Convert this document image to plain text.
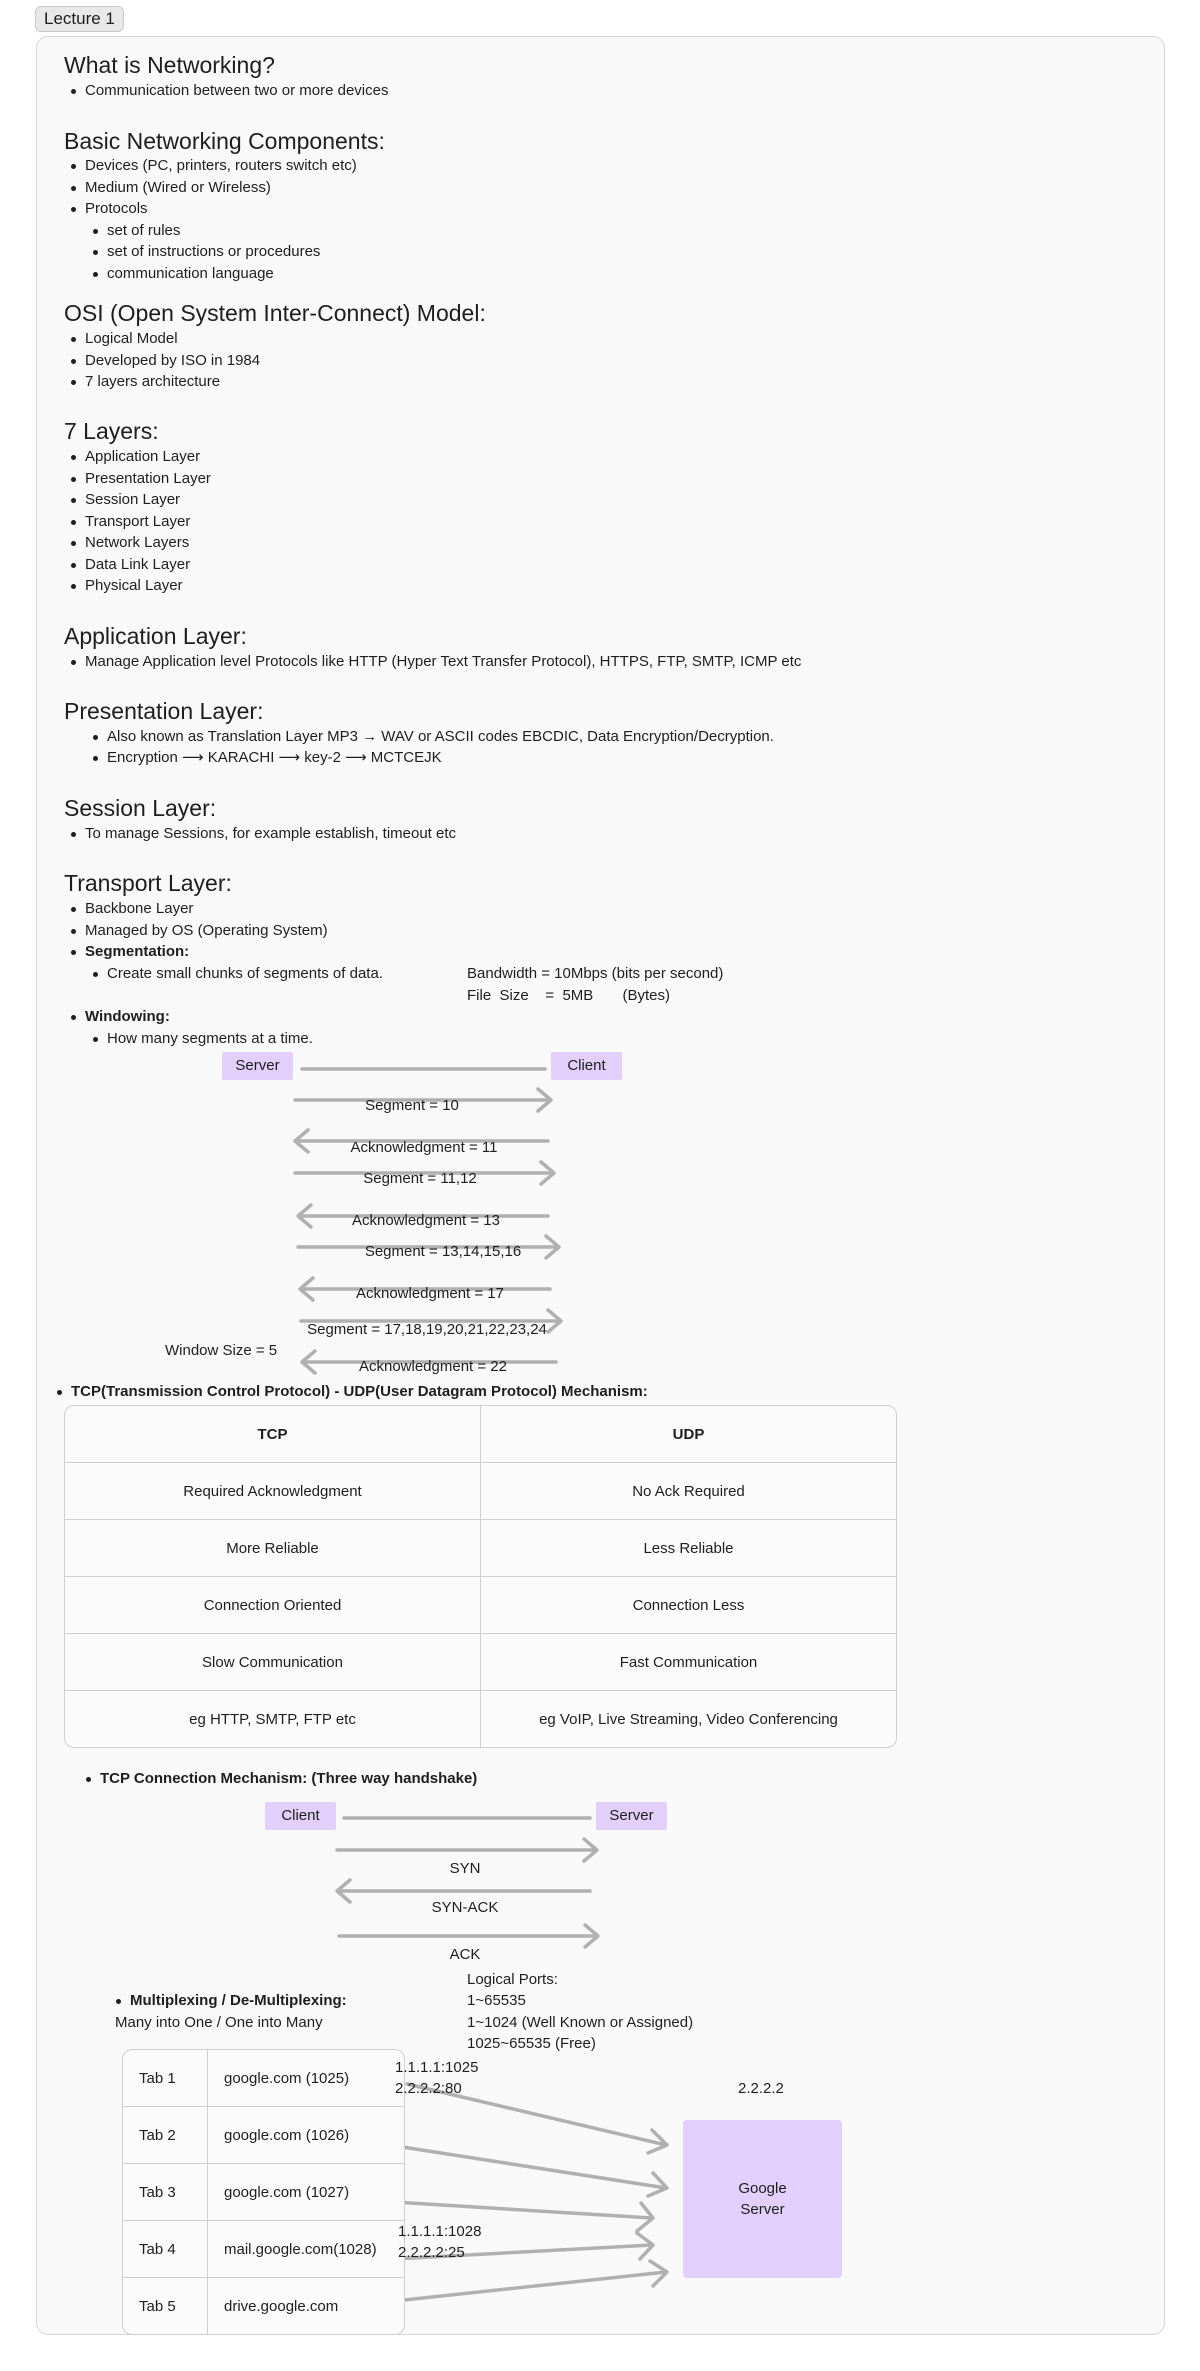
Lecture 1
What is Networking?
Communication between two or more devices
Basic Networking Components:
Devices (PC, printers, routers switch etc)
Medium (Wired or Wireless)
Protocols
set of rules
set of instructions or procedures
communication language
OSI (Open System Inter-Connect) Model:
Logical Model
Developed by ISO in 1984
7 layers architecture
7 Layers:
Application Layer
Presentation Layer
Session Layer
Transport Layer
Network Layers
Data Link Layer
Physical Layer
Application Layer:
Manage Application level Protocols like HTTP (Hyper Text Transfer Protocol), HTTPS, FTP, SMTP, ICMP etc
Presentation Layer:
Also known as Translation Layer MP3 → WAV or ASCII codes EBCDIC, Data Encryption/Decryption.
Encryption ⟶ KARACHI ⟶ key-2 ⟶ MCTCEJK
Session Layer:
To manage Sessions, for example establish, timeout etc
Transport Layer:
Backbone Layer
Managed by OS (Operating System)
Segmentation:
Create small chunks of segments of data.	Bandwidth = 10Mbps (bits per second)
File  Size    =  5MB       (Bytes)
Windowing:
How many segments at a time.
Server	Client
Segment = 10
Acknowledgment = 11
Segment = 11,12
Acknowledgment = 13
Segment = 13,14,15,16
Acknowledgment = 17
Segment = 17,18,19,20,21,22,23,24
Acknowledgment = 22
Window Size = 5
TCP(Transmission Control Protocol) - UDP(User Datagram Protocol) Mechanism:
TCP	UDP
Required Acknowledgment	No Ack Required
More Reliable	Less Reliable
Connection Oriented	Connection Less
Slow Communication	Fast Communication
eg HTTP, SMTP, FTP etc	eg VoIP, Live Streaming, Video Conferencing
TCP Connection Mechanism: (Three way handshake)
Client	Server
SYN
SYN-ACK
ACK
Multiplexing / De-Multiplexing:
Many into One / One into Many
Logical Ports:
1~65535
1~1024 (Well Known or Assigned)
1025~65535 (Free)
Tab 1	google.com (1025)
Tab 2	google.com (1026)
Tab 3	google.com (1027)
Tab 4	mail.google.com(1028)
Tab 5	drive.google.com
1.1.1.1:1025
2.2.2.2:80
1.1.1.1:1028
2.2.2.2:25
2.2.2.2
Google
Server
